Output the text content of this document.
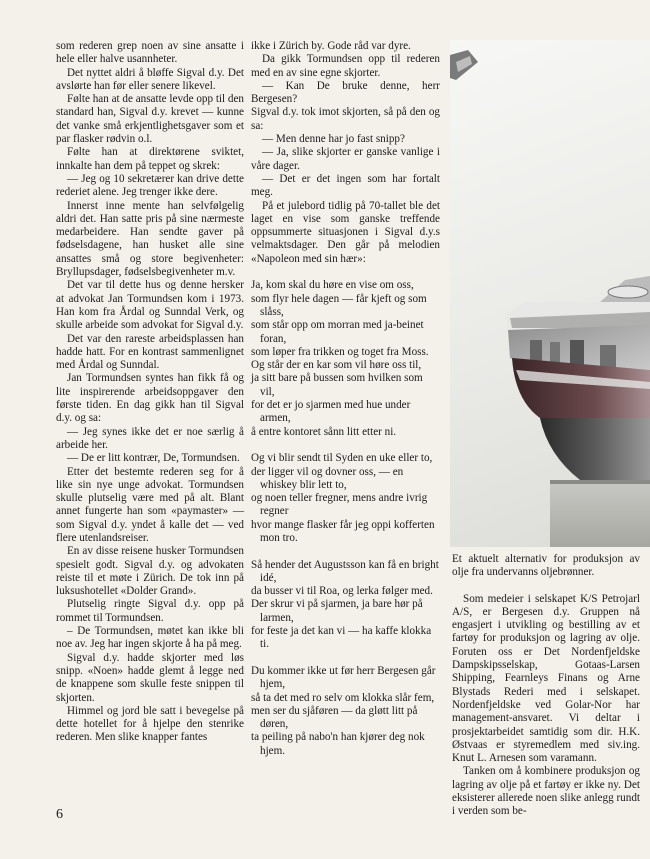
som rederen grep noen av sine ansatte i hele eller halve usannheter.

Det nyttet aldri å bløffe Sigval d.y. Det avslørte han før eller senere likevel.

Følte han at de ansatte levde opp til den standard han, Sigval d.y. krevet — kunne det vanke små erkjentlighetsgaver som et par flasker rødvin o.l.

Følte han at direktørene sviktet, innkalte han dem på teppet og skrek:

— Jeg og 10 sekretærer kan drive dette rederiet alene. Jeg trenger ikke dere.

Innerst inne mente han selvfølgelig aldri det. Han satte pris på sine nærmeste medarbeidere. Han sendte gaver på fødselsdagene, han husket alle sine ansattes små og store begivenheter: Bryllupsdager, fødselsbegivenheter m.v.

Det var til dette hus og denne hersker at advokat Jan Tormundsen kom i 1973. Han kom fra Årdal og Sunndal Verk, og skulle arbeide som advokat for Sigval d.y.

Det var den rareste arbeidsplassen han hadde hatt. For en kontrast sammenlignet med Årdal og Sunndal.

Jan Tormundsen syntes han fikk få og lite inspirerende arbeidsoppgaver den første tiden. En dag gikk han til Sigval d.y. og sa:

— Jeg synes ikke det er noe særlig å arbeide her.

— De er litt kontrær, De, Tormundsen.

Etter det bestemte rederen seg for å like sin nye unge advokat. Tormundsen skulle plutselig være med på alt. Blant annet fungerte han som «paymaster» — som Sigval d.y. yndet å kalle det — ved flere utenlandsreiser.

En av disse reisene husker Tormundsen spesielt godt. Sigval d.y. og advokaten reiste til et møte i Zürich. De tok inn på luksushotellet «Dolder Grand».

Plutselig ringte Sigval d.y. opp på rommet til Tormundsen.

– De Tormundsen, møtet kan ikke bli noe av. Jeg har ingen skjorte å ha på meg.

Sigval d.y. hadde skjorter med løs snipp. «Noen» hadde glemt å legge ned de knappene som skulle feste snippen til skjorten.

Himmel og jord ble satt i bevegelse på dette hotellet for å hjelpe den stenrike rederen. Men slike knapper fantes

ikke i Zürich by. Gode råd var dyre.

Da gikk Tormundsen opp til rederen med en av sine egne skjorter.

— Kan De bruke denne, herr Bergesen?

Sigval d.y. tok imot skjorten, så på den og sa:

— Men denne har jo fast snipp?

— Ja, slike skjorter er ganske vanlige i våre dager.

— Det er det ingen som har fortalt meg.

På et julebord tidlig på 70-tallet ble det laget en vise som ganske treffende oppsummerte situasjonen i Sigval d.y.s velmaktsdager. Den går på melodien «Napoleon med sin hær»:

Ja, kom skal du høre en vise om oss,

som flyr hele dagen — får kjeft og som slåss,

som står opp om morran med ja-beinet foran,

som løper fra trikken og toget fra Moss.

Og står der en kar som vil høre oss til,

ja sitt bare på bussen som hvilken som vil,

for det er jo sjarmen med hue under armen,

å entre kontoret sånn litt etter ni.

Og vi blir sendt til Syden en uke eller to,

der ligger vil og dovner oss, — en whiskey blir lett to,

og noen teller fregner, mens andre ivrig regner

hvor mange flasker får jeg oppi kofferten mon tro.

Så hender det Augustsson kan få en bright idé,

da busser vi til Roa, og lerka følger med.

Der skrur vi på sjarmen, ja bare hør på larmen,

for feste ja det kan vi — ha kaffe klokka ti.

Du kommer ikke ut før herr Bergesen går hjem,

så ta det med ro selv om klokka slår fem,

men ser du sjåføren — da gløtt litt på døren,

ta peiling på nabo'n han kjører deg nok hjem.

Et aktuelt alternativ for produksjon av olje fra undervanns oljebrønner.

Som medeier i selskapet K/S Petrojarl A/S, er Bergesen d.y. Gruppen nå engasjert i utvikling og bestilling av et fartøy for produksjon og lagring av olje. Foruten oss er Det Nordenfjeldske Dampskipsselskap, Gotaas-Larsen Shipping, Fearnleys Finans og Arne Blystads Rederi med i selskapet. Nordenfjeldske ved Golar-Nor har management-ansvaret. Vi deltar i prosjektarbeidet samtidig som dir. H.K. Østvaas er styremedlem med siv.ing. Knut L. Arnesen som varamann.

Tanken om å kombinere produksjon og lagring av olje på et fartøy er ikke ny. Det eksisterer allerede noen slike anlegg rundt i verden som be-

6
